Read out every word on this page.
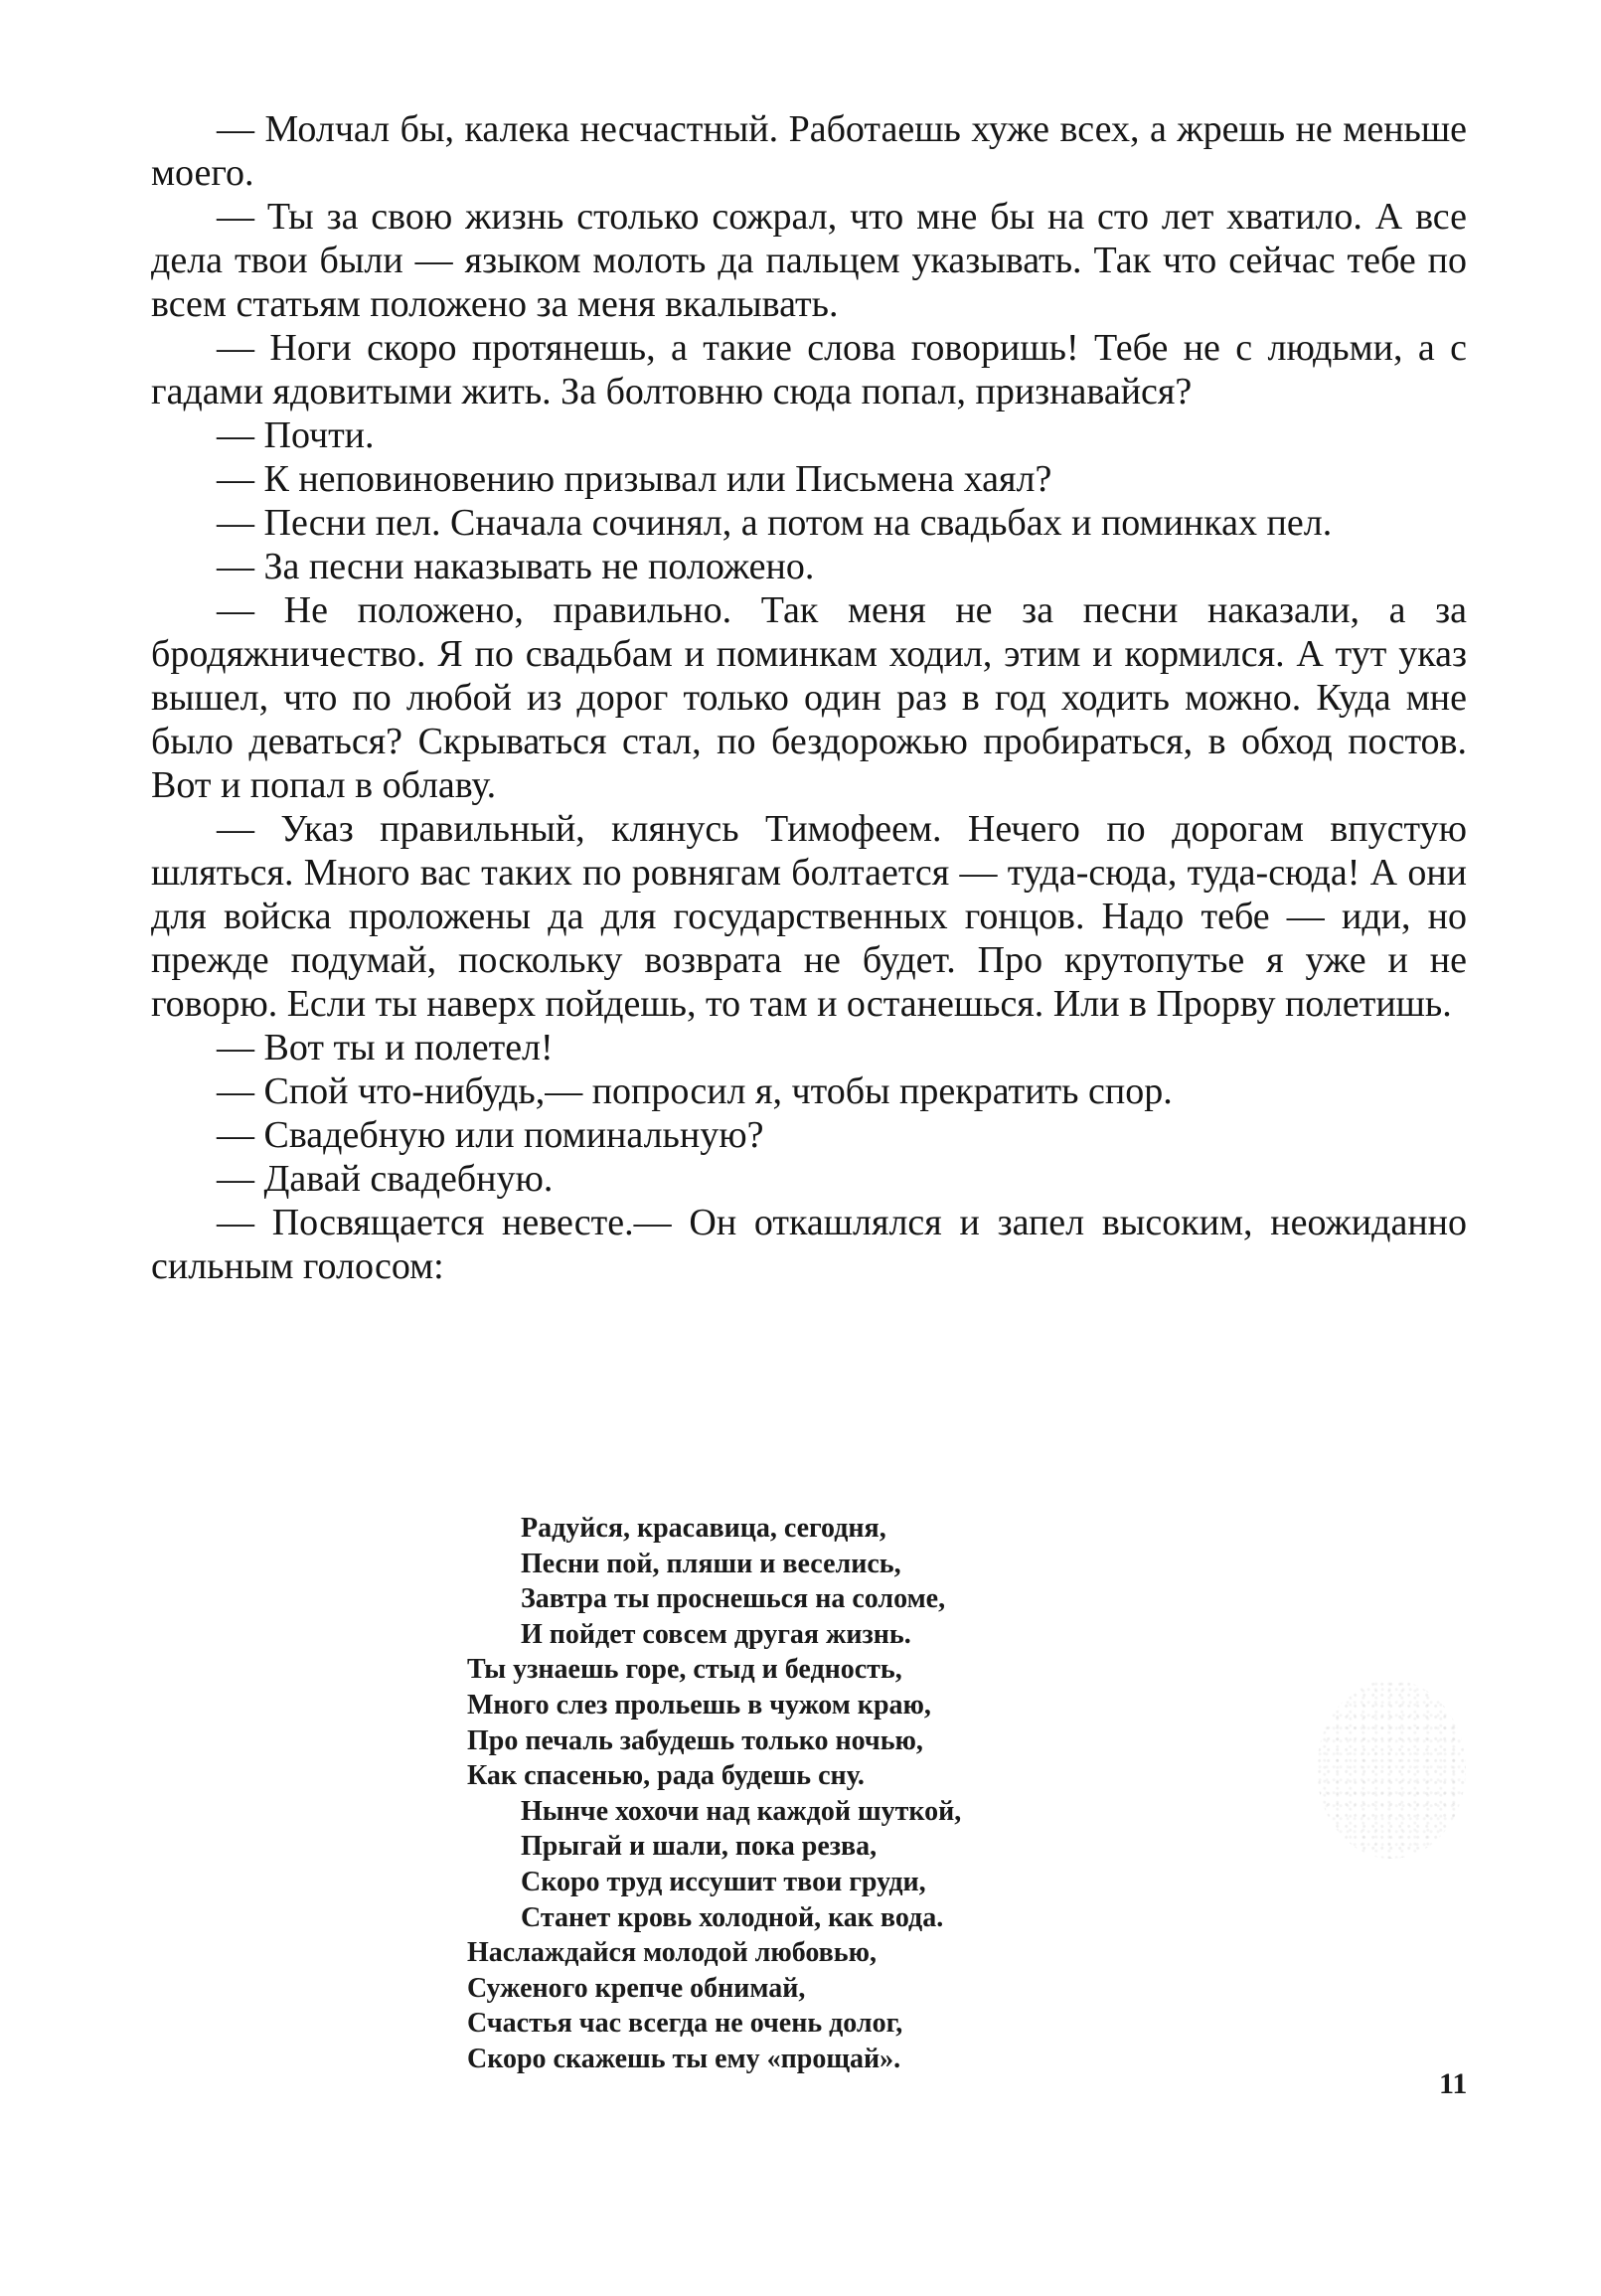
— Молчал бы, калека несчастный. Работаешь хуже всех, а жрешь не меньше моего.

— Ты за свою жизнь столько сожрал, что мне бы на сто лет хватило. А все дела твои были — языком молоть да пальцем указывать. Так что сейчас тебе по всем статьям положено за меня вкалывать.

— Ноги скоро протянешь, а такие слова говоришь! Тебе не с людьми, а с гадами ядовитыми жить. За болтовню сюда попал, признавайся?

— Почти.

— К неповиновению призывал или Письмена хаял?

— Песни пел. Сначала сочинял, а потом на свадьбах и поминках пел.

— За песни наказывать не положено.

— Не положено, правильно. Так меня не за песни наказали, а за бродяжничество. Я по свадьбам и поминкам ходил, этим и кормился. А тут указ вышел, что по любой из дорог только один раз в год ходить можно. Куда мне было деваться? Скрываться стал, по бездорожью пробираться, в обход постов. Вот и попал в облаву.

— Указ правильный, клянусь Тимофеем. Нечего по дорогам впустую шляться. Много вас таких по ровнягам болтается — туда-сюда, туда-сюда! А они для войска проложены да для государственных гонцов. Надо тебе — иди, но прежде подумай, поскольку возврата не будет. Про крутопутье я уже и не говорю. Если ты наверх пойдешь, то там и останешься. Или в Прорву полетишь.

— Вот ты и полетел!

— Спой что-нибудь,— попросил я, чтобы прекратить спор.

— Свадебную или поминальную?

— Давай свадебную.

— Посвящается невесте.— Он откашлялся и запел высоким, неожиданно сильным голосом:

Радуйся, красавица, сегодня,
Песни пой, пляши и веселись,
Завтра ты проснешься на соломе,
И пойдет совсем другая жизнь.
Ты узнаешь горе, стыд и бедность,
Много слез прольешь в чужом краю,
Про печаль забудешь только ночью,
Как спасенью, рада будешь сну.
Нынче хохочи над каждой шуткой,
Прыгай и шали, пока резва,
Скоро труд иссушит твои груди,
Станет кровь холодной, как вода.
Наслаждайся молодой любовью,
Суженого крепче обнимай,
Счастья час всегда не очень долог,
Скоро скажешь ты ему «прощай».
11
